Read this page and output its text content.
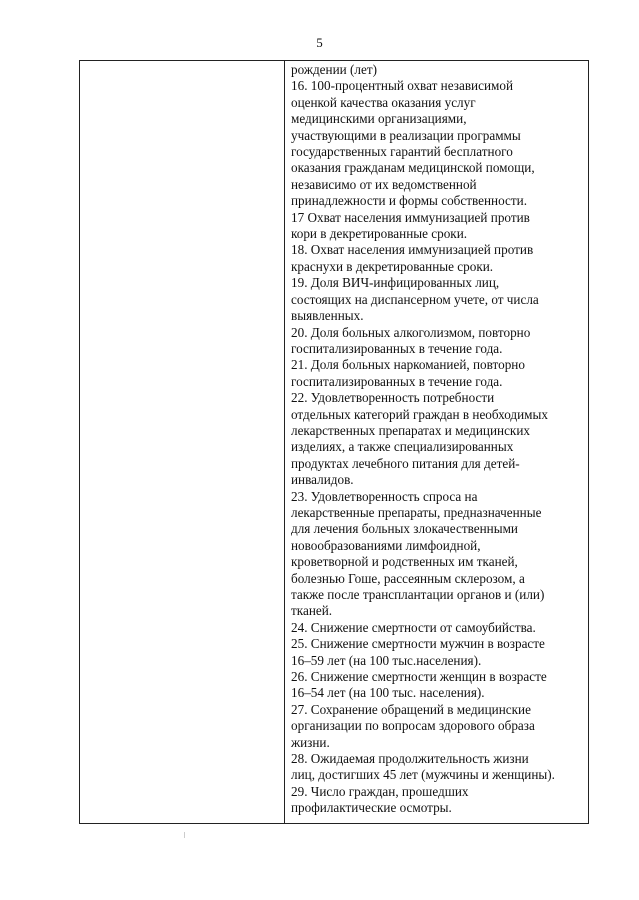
5
рождении (лет)
16. 100-процентный охват независимой
оценкой качества оказания услуг
медицинскими организациями,
участвующими в реализации программы
государственных гарантий бесплатного
оказания гражданам медицинской помощи,
независимо от их ведомственной
принадлежности и формы собственности.
17 Охват населения иммунизацией против
кори в декретированные сроки.
18. Охват населения иммунизацией против
краснухи в декретированные сроки.
19. Доля ВИЧ-инфицированных лиц,
состоящих на диспансерном учете, от числа
выявленных.
20. Доля больных алкоголизмом, повторно
госпитализированных в течение года.
21. Доля больных наркоманией, повторно
госпитализированных в течение года.
22. Удовлетворенность потребности
отдельных категорий граждан в необходимых
лекарственных препаратах и медицинских
изделиях, а также специализированных
продуктах лечебного питания для детей-
инвалидов.
23. Удовлетворенность спроса на
лекарственные препараты, предназначенные
для лечения больных злокачественными
новообразованиями лимфоидной,
кроветворной и родственных им тканей,
болезнью Гоше, рассеянным склерозом, а
также после трансплантации органов и (или)
тканей.
24. Снижение смертности от самоубийства.
25. Снижение смертности мужчин в возрасте
16–59 лет (на 100 тыс.населения).
26. Снижение смертности женщин в возрасте
16–54 лет (на 100 тыс. населения).
27. Сохранение обращений в медицинские
организации по вопросам здорового образа
жизни.
28. Ожидаемая продолжительность жизни
лиц, достигших 45 лет (мужчины и женщины).
29. Число граждан, прошедших
профилактические осмотры.
